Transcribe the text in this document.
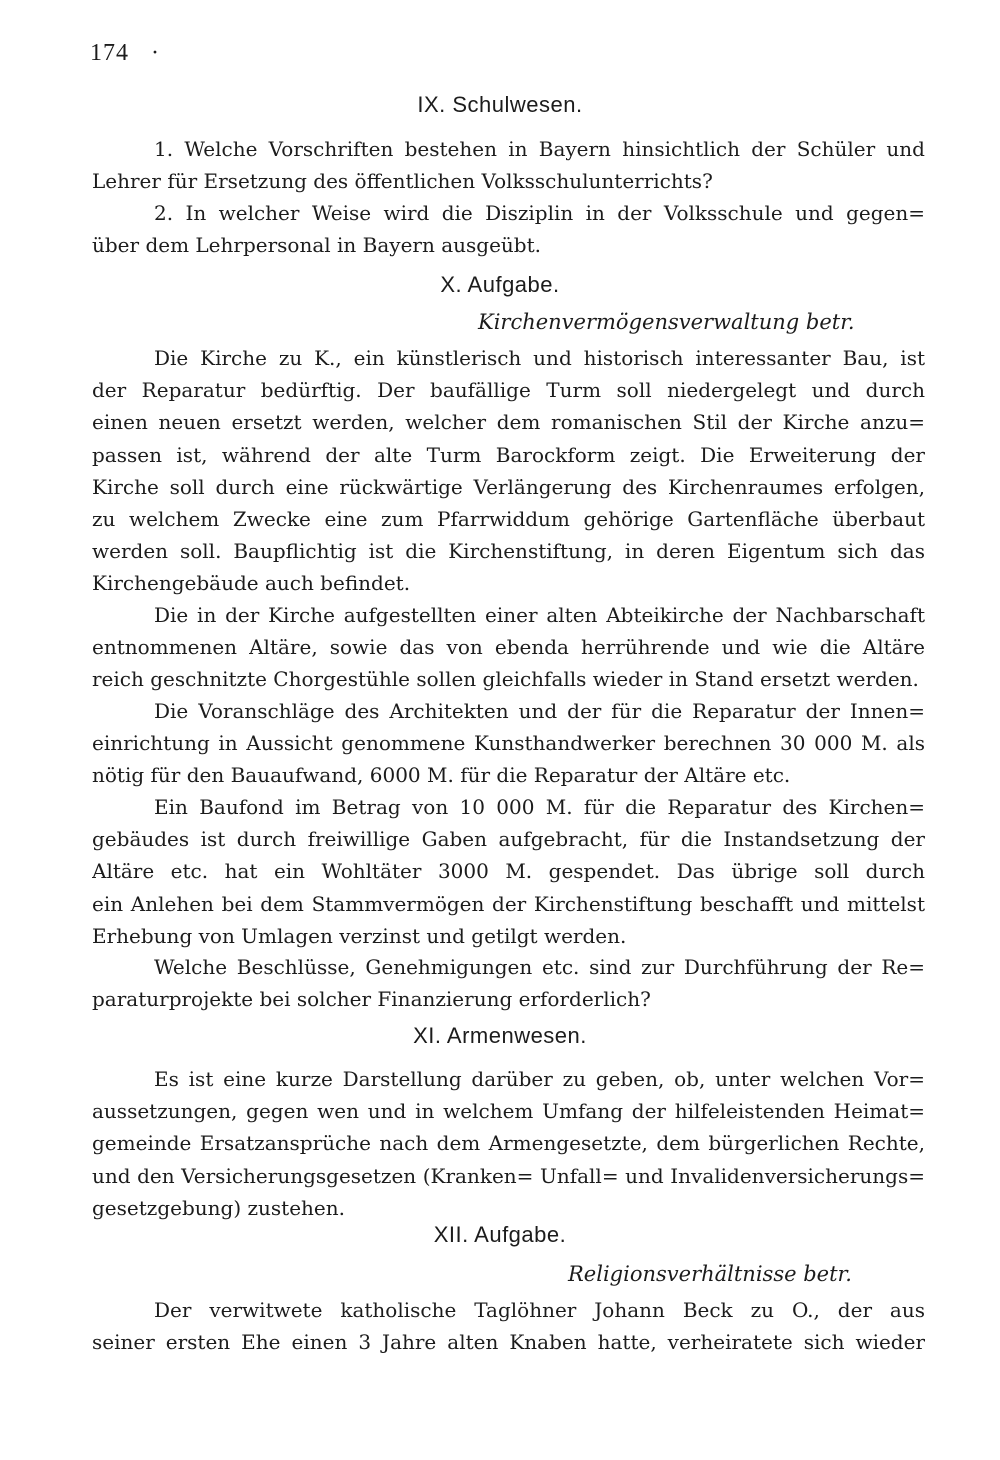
174 ·
IX. Schulwesen.
1. Welche Vorschriften bestehen in Bayern hinsichtlich der Schüler und
Lehrer für Ersetzung des öffentlichen Volksschulunterrichts?
2. In welcher Weise wird die Disziplin in der Volksschule und gegen=
über dem Lehrpersonal in Bayern ausgeübt.
X. Aufgabe.
Kirchenvermögensverwaltung betr.
Die Kirche zu K., ein künstlerisch und historisch interessanter Bau, ist
der Reparatur bedürftig. Der baufällige Turm soll niedergelegt und durch
einen neuen ersetzt werden, welcher dem romanischen Stil der Kirche anzu=
passen ist, während der alte Turm Barockform zeigt. Die Erweiterung der
Kirche soll durch eine rückwärtige Verlängerung des Kirchenraumes erfolgen,
zu welchem Zwecke eine zum Pfarrwiddum gehörige Gartenfläche überbaut
werden soll. Baupflichtig ist die Kirchenstiftung, in deren Eigentum sich das
Kirchengebäude auch befindet.
Die in der Kirche aufgestellten einer alten Abteikirche der Nachbarschaft
entnommenen Altäre, sowie das von ebenda herrührende und wie die Altäre
reich geschnitzte Chorgestühle sollen gleichfalls wieder in Stand ersetzt werden.
Die Voranschläge des Architekten und der für die Reparatur der Innen=
einrichtung in Aussicht genommene Kunsthandwerker berechnen 30 000 M. als
nötig für den Bauaufwand, 6000 M. für die Reparatur der Altäre etc.
Ein Baufond im Betrag von 10 000 M. für die Reparatur des Kirchen=
gebäudes ist durch freiwillige Gaben aufgebracht, für die Instandsetzung der
Altäre etc. hat ein Wohltäter 3000 M. gespendet. Das übrige soll durch
ein Anlehen bei dem Stammvermögen der Kirchenstiftung beschafft und mittelst
Erhebung von Umlagen verzinst und getilgt werden.
Welche Beschlüsse, Genehmigungen etc. sind zur Durchführung der Re=
paraturprojekte bei solcher Finanzierung erforderlich?
XI. Armenwesen.
Es ist eine kurze Darstellung darüber zu geben, ob, unter welchen Vor=
aussetzungen, gegen wen und in welchem Umfang der hilfeleistenden Heimat=
gemeinde Ersatzansprüche nach dem Armengesetzte, dem bürgerlichen Rechte,
und den Versicherungsgesetzen (Kranken= Unfall= und Invalidenversicherungs=
gesetzgebung) zustehen.
XII. Aufgabe.
Religionsverhältnisse betr.
Der verwitwete katholische Taglöhner Johann Beck zu O., der aus
seiner ersten Ehe einen 3 Jahre alten Knaben hatte, verheiratete sich wieder
